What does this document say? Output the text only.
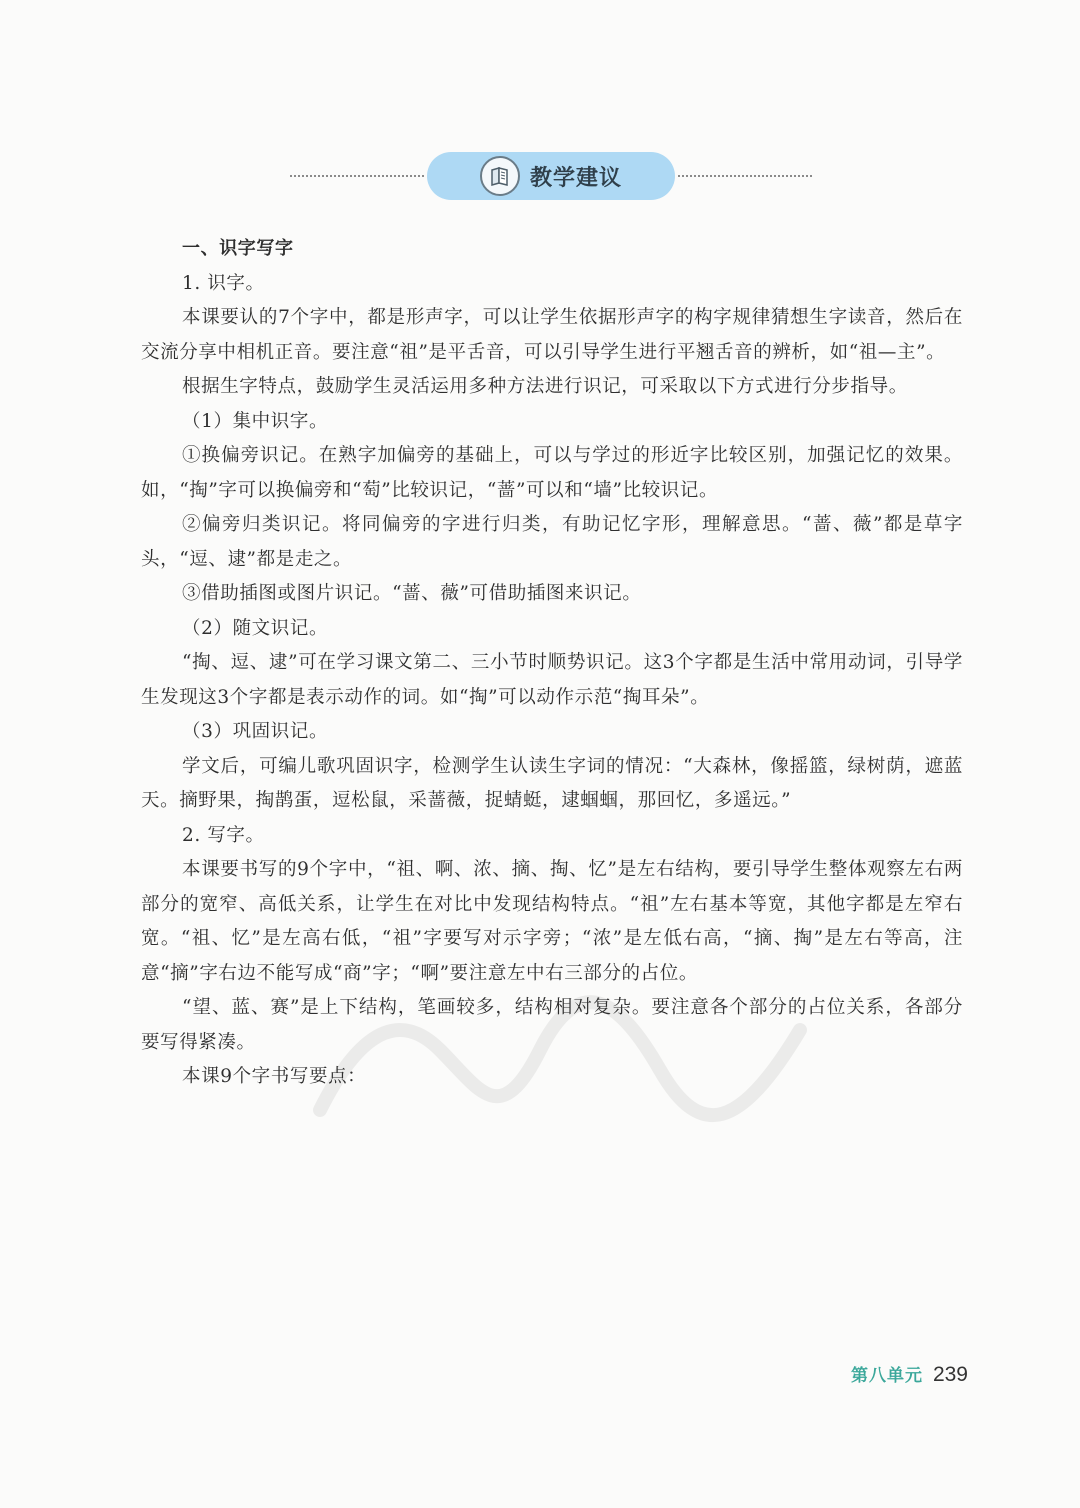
教学建议

一、识字写字

1. 识字。

本课要认的7个字中，都是形声字，可以让学生依据形声字的构字规律猜想生字读音，然后在交流分享中相机正音。要注意“祖”是平舌音，可以引导学生进行平翘舌音的辨析，如“祖—主”。

根据生字特点，鼓励学生灵活运用多种方法进行识记，可采取以下方式进行分步指导。

（1）集中识字。

①换偏旁识记。在熟字加偏旁的基础上，可以与学过的形近字比较区别，加强记忆的效果。如，“掏”字可以换偏旁和“萄”比较识记，“蔷”可以和“墙”比较识记。

②偏旁归类识记。将同偏旁的字进行归类，有助记忆字形，理解意思。“蔷、薇”都是草字头，“逗、逮”都是走之。

③借助插图或图片识记。“蔷、薇”可借助插图来识记。

（2）随文识记。

“掏、逗、逮”可在学习课文第二、三小节时顺势识记。这3个字都是生活中常用动词，引导学生发现这3个字都是表示动作的词。如“掏”可以动作示范“掏耳朵”。

（3）巩固识记。

学文后，可编儿歌巩固识字，检测学生认读生字词的情况：“大森林，像摇篮，绿树荫，遮蓝天。摘野果，掏鹊蛋，逗松鼠，采蔷薇，捉蜻蜓，逮蝈蝈，那回忆，多遥远。”

2. 写字。

本课要书写的9个字中，“祖、啊、浓、摘、掏、忆”是左右结构，要引导学生整体观察左右两部分的宽窄、高低关系，让学生在对比中发现结构特点。“祖”左右基本等宽，其他字都是左窄右宽。“祖、忆”是左高右低，“祖”字要写对示字旁；“浓”是左低右高，“摘、掏”是左右等高，注意“摘”字右边不能写成“商”字；“啊”要注意左中右三部分的占位。

“望、蓝、赛”是上下结构，笔画较多，结构相对复杂。要注意各个部分的占位关系，各部分要写得紧凑。

本课9个字书写要点：

第八单元 239
